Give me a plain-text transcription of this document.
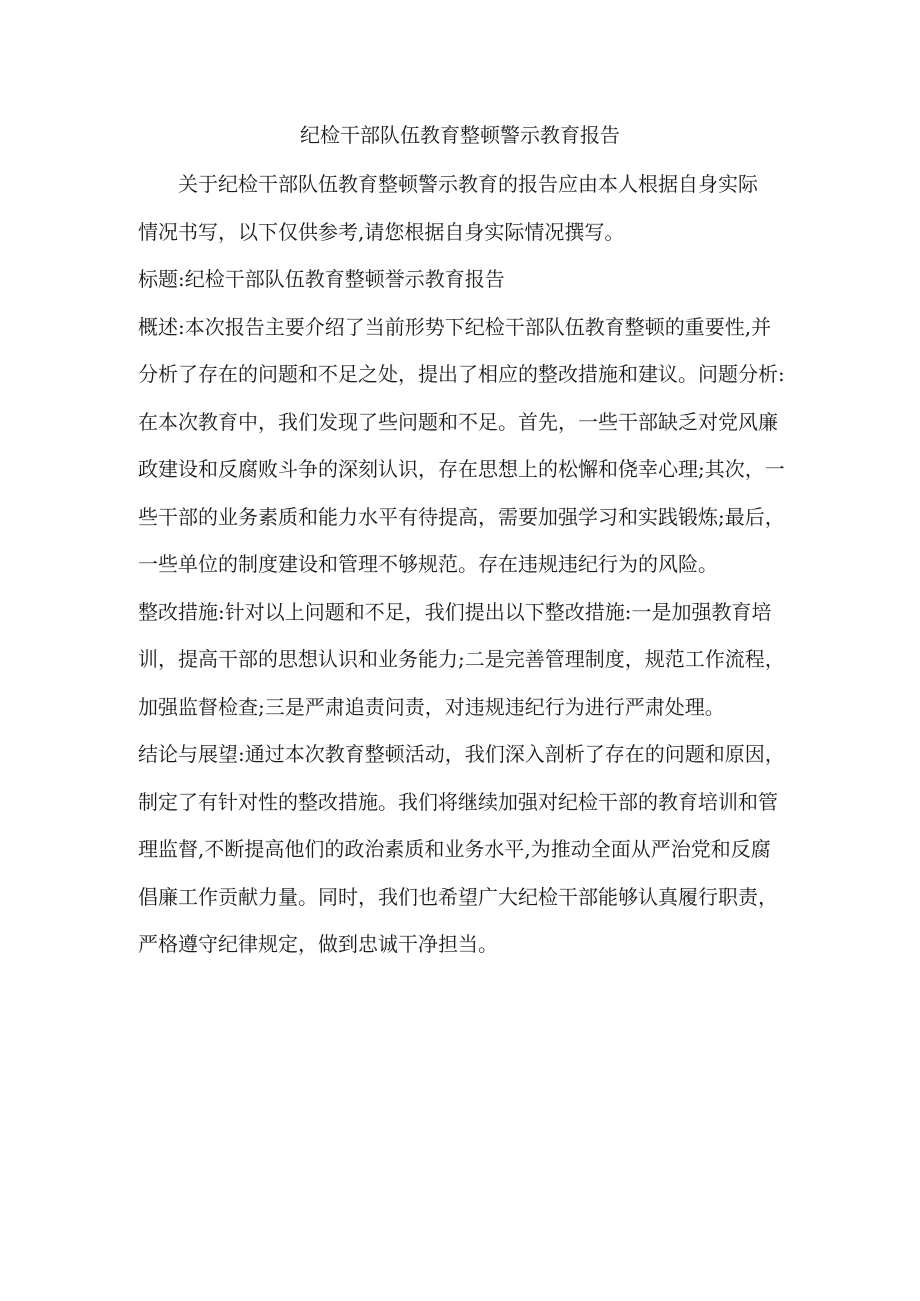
纪检干部队伍教育整顿警示教育报告
关于纪检干部队伍教育整顿警示教育的报告应由本人根据自身实际
情况书写，以下仅供参考,请您根据自身实际情况撰写。
标题:纪检干部队伍教育整顿誉示教育报告
概述:本次报告主要介绍了当前形势下纪检干部队伍教育整顿的重要性,并
分析了存在的问题和不足之处，提出了相应的整改措施和建议。问题分析:
在本次教育中，我们发现了些问题和不足。首先，一些干部缺乏对党风廉
政建设和反腐败斗争的深刻认识，存在思想上的松懈和侥幸心理;其次，一
些干部的业务素质和能力水平有待提高，需要加强学习和实践锻炼;最后，
一些单位的制度建设和管理不够规范。存在违规违纪行为的风险。
整改措施:针对以上问题和不足，我们提出以下整改措施:一是加强教育培
训，提高干部的思想认识和业务能力;二是完善管理制度，规范工作流程，
加强监督检查;三是严肃追责问责，对违规违纪行为进行严肃处理。
结论与展望:通过本次教育整顿活动，我们深入剖析了存在的问题和原因，
制定了有针对性的整改措施。我们将继续加强对纪检干部的教育培训和管
理监督,不断提高他们的政治素质和业务水平,为推动全面从严治党和反腐
倡廉工作贡献力量。同时，我们也希望广大纪检干部能够认真履行职责，
严格遵守纪律规定，做到忠诚干净担当。
